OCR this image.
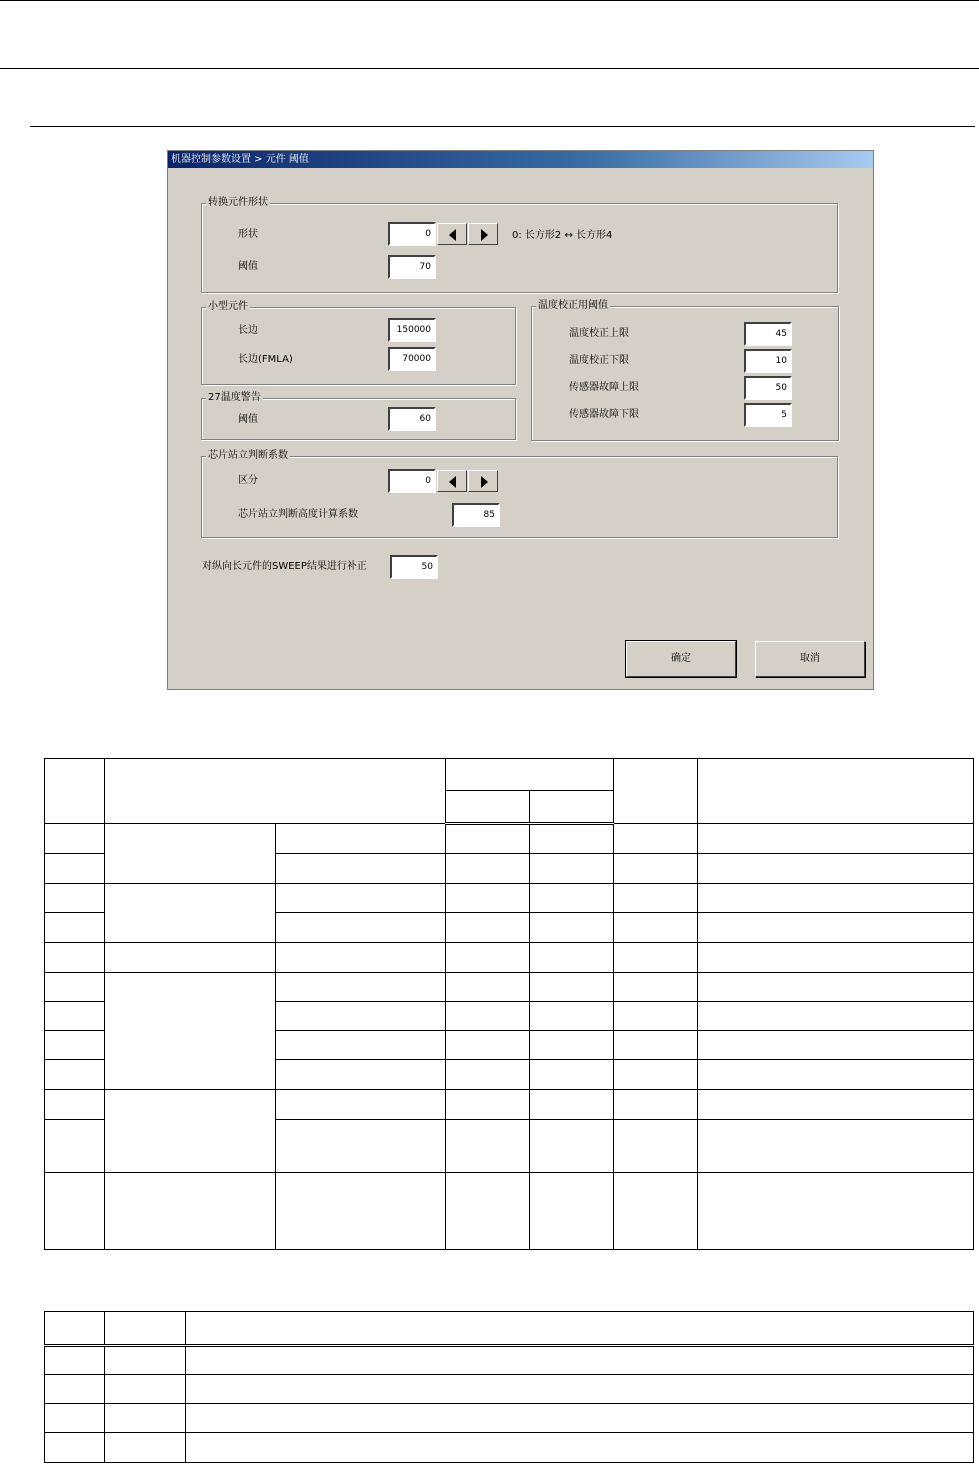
机器控制参数设置 > 元件 阈值
转换元件形状
形状	0	0: 长方形2 ↔ 长方形4
阈值	70
小型元件
长边	150000
长边(FMLA)	70000
27温度警告
阈值	60
温度校正用阈值
温度校正上限	45
温度校正下限	10
传感器故障上限	50
传感器故障下限	5
芯片站立判断系数
区分	0
芯片站立判断高度计算系数	85
对纵向长元件的SWEEP结果进行补正	50
确定	取消
